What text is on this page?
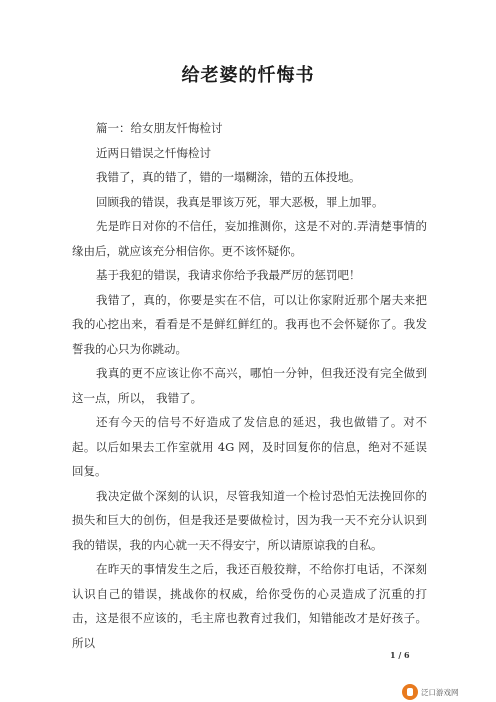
给老婆的忏悔书

篇一：给女朋友忏悔检讨

近两日错误之忏悔检讨

我错了，真的错了，错的一塌糊涂，错的五体投地。

回顾我的错误，我真是罪该万死，罪大恶极，罪上加罪。

先是昨日对你的不信任，妄加推测你，这是不对的.弄清楚事情的缘由后，就应该充分相信你。更不该怀疑你。

基于我犯的错误，我请求你给予我最严厉的惩罚吧！

我错了，真的，你要是实在不信，可以让你家附近那个屠夫来把我的心挖出来，看看是不是鲜红鲜红的。我再也不会怀疑你了。我发誓我的心只为你跳动。

我真的更不应该让你不高兴，哪怕一分钟，但我还没有完全做到这一点，所以， 我错了。

还有今天的信号不好造成了发信息的延迟，我也做错了。对不起。以后如果去工作室就用 4G 网，及时回复你的信息，绝对不延误回复。

我决定做个深刻的认识，尽管我知道一个检讨恐怕无法挽回你的损失和巨大的创伤，但是我还是要做检讨，因为我一天不充分认识到我的错误，我的内心就一天不得安宁，所以请原谅我的自私。

在昨天的事情发生之后，我还百般狡辩，不给你打电话，不深刻认识自己的错误，挑战你的权威，给你受伤的心灵造成了沉重的打击，这是很不应该的，毛主席也教育过我们，知错能改才是好孩子。所以

1 / 6
泛口游戏网
